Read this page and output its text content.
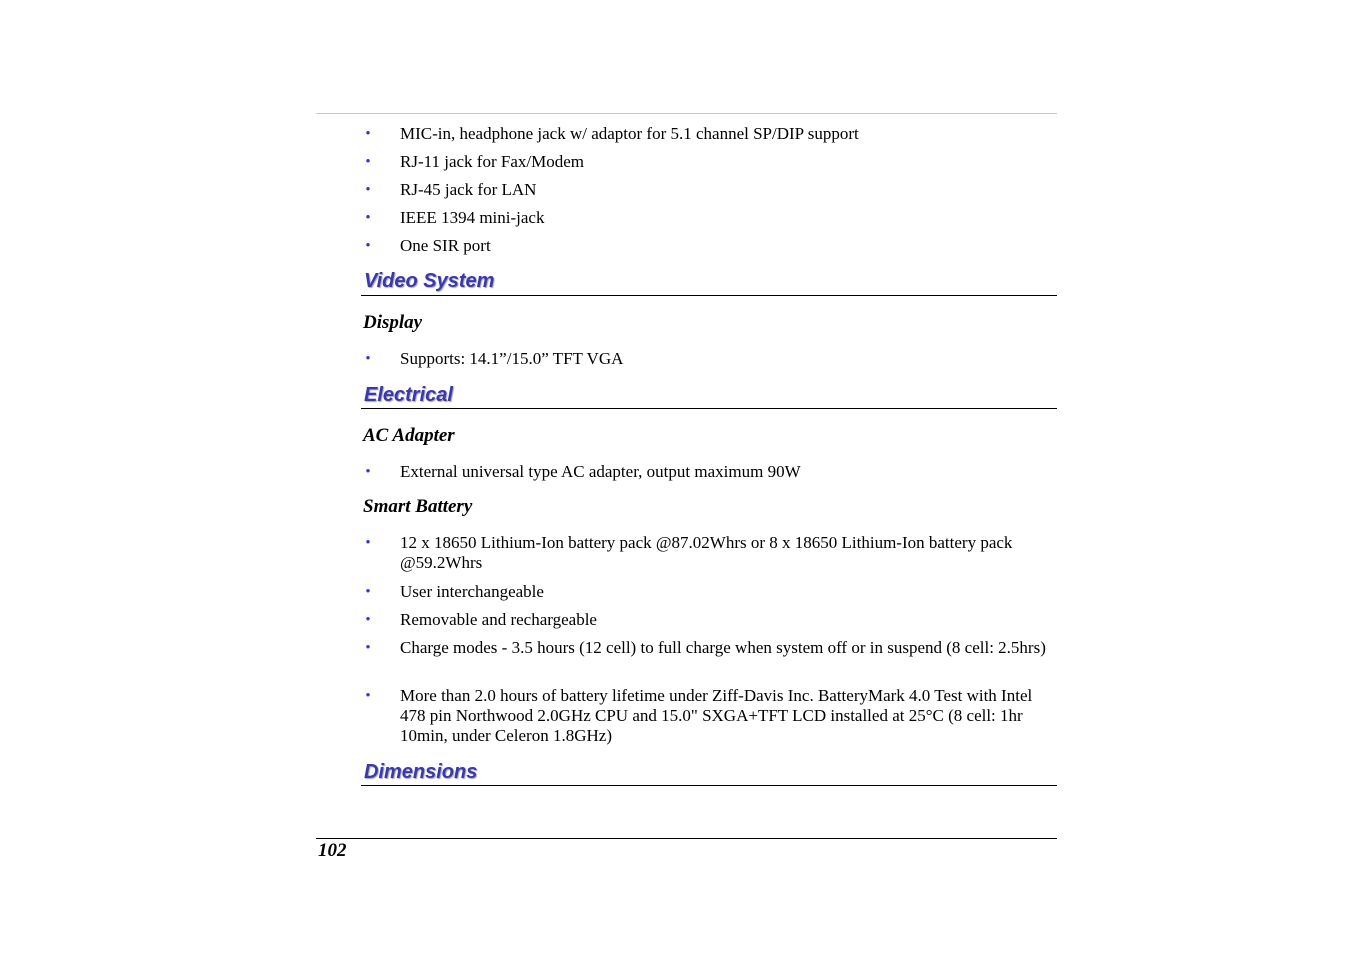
• MIC-in, headphone jack w/ adaptor for 5.1 channel SP/DIP support
• RJ-11 jack for Fax/Modem
• RJ-45 jack for LAN
• IEEE 1394 mini-jack
• One SIR port
Video System
Display
• Supports: 14.1”/15.0” TFT VGA
Electrical
AC Adapter
• External universal type AC adapter, output maximum 90W
Smart Battery
• 12 x 18650 Lithium-Ion battery pack @87.02Whrs or 8 x 18650 Lithium-Ion battery pack @59.2Whrs
• User interchangeable
• Removable and rechargeable
• Charge modes - 3.5 hours (12 cell) to full charge when system off or in suspend (8 cell: 2.5hrs)
• More than 2.0 hours of battery lifetime under Ziff-Davis Inc. BatteryMark 4.0 Test with Intel 478 pin Northwood 2.0GHz CPU and 15.0" SXGA+TFT LCD installed at 25°C (8 cell: 1hr 10min, under Celeron 1.8GHz)
Dimensions
102
